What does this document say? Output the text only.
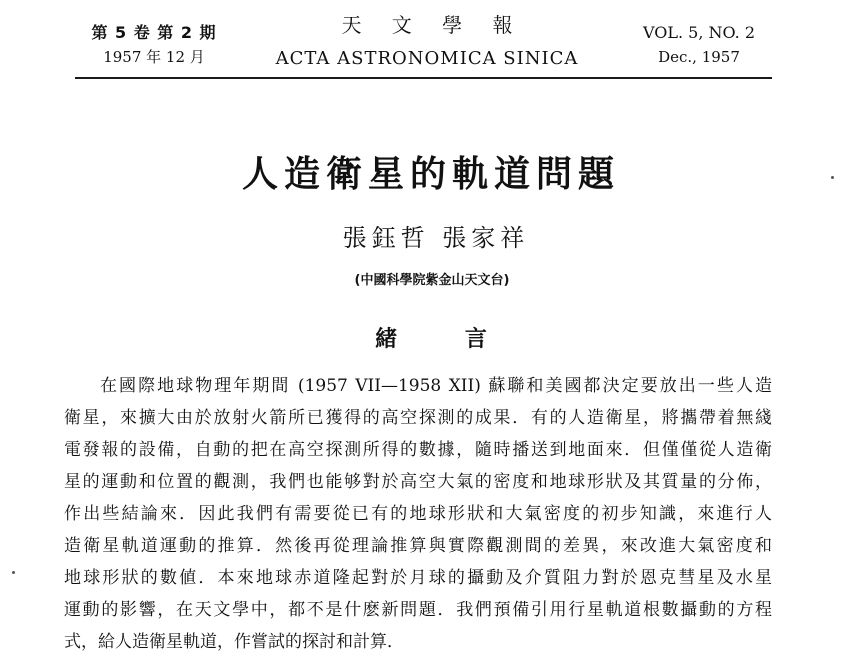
第 5 卷 第 2 期
1957 年 12 月
天 文 學 報
ACTA ASTRONOMICA SINICA
VOL. 5, NO. 2
Dec., 1957
人造衛星的軌道問題
張鈺哲 張家祥
(中國科學院紫金山天文台)
緒 言
在國際地球物理年期間 (1957 VII—1958 XII) 蘇聯和美國都決定要放出一些人造
衛星，來擴大由於放射火箭所已獲得的高空探測的成果．有的人造衛星，將攜帶着無綫
電發報的設備，自動的把在高空探測所得的數據，隨時播送到地面來．但僅僅從人造衛
星的運動和位置的觀測，我們也能够對於高空大氣的密度和地球形狀及其質量的分佈，
作出些結論來．因此我們有需要從已有的地球形狀和大氣密度的初步知識，來進行人
造衛星軌道運動的推算．然後再從理論推算與實際觀測間的差異，來改進大氣密度和
地球形狀的數値．本來地球赤道隆起對於月球的攝動及介質阻力對於恩克彗星及水星
運動的影響，在天文學中，都不是什麽新問題．我們預備引用行星軌道根數攝動的方程
式，給人造衛星軌道，作嘗試的探討和計算．
